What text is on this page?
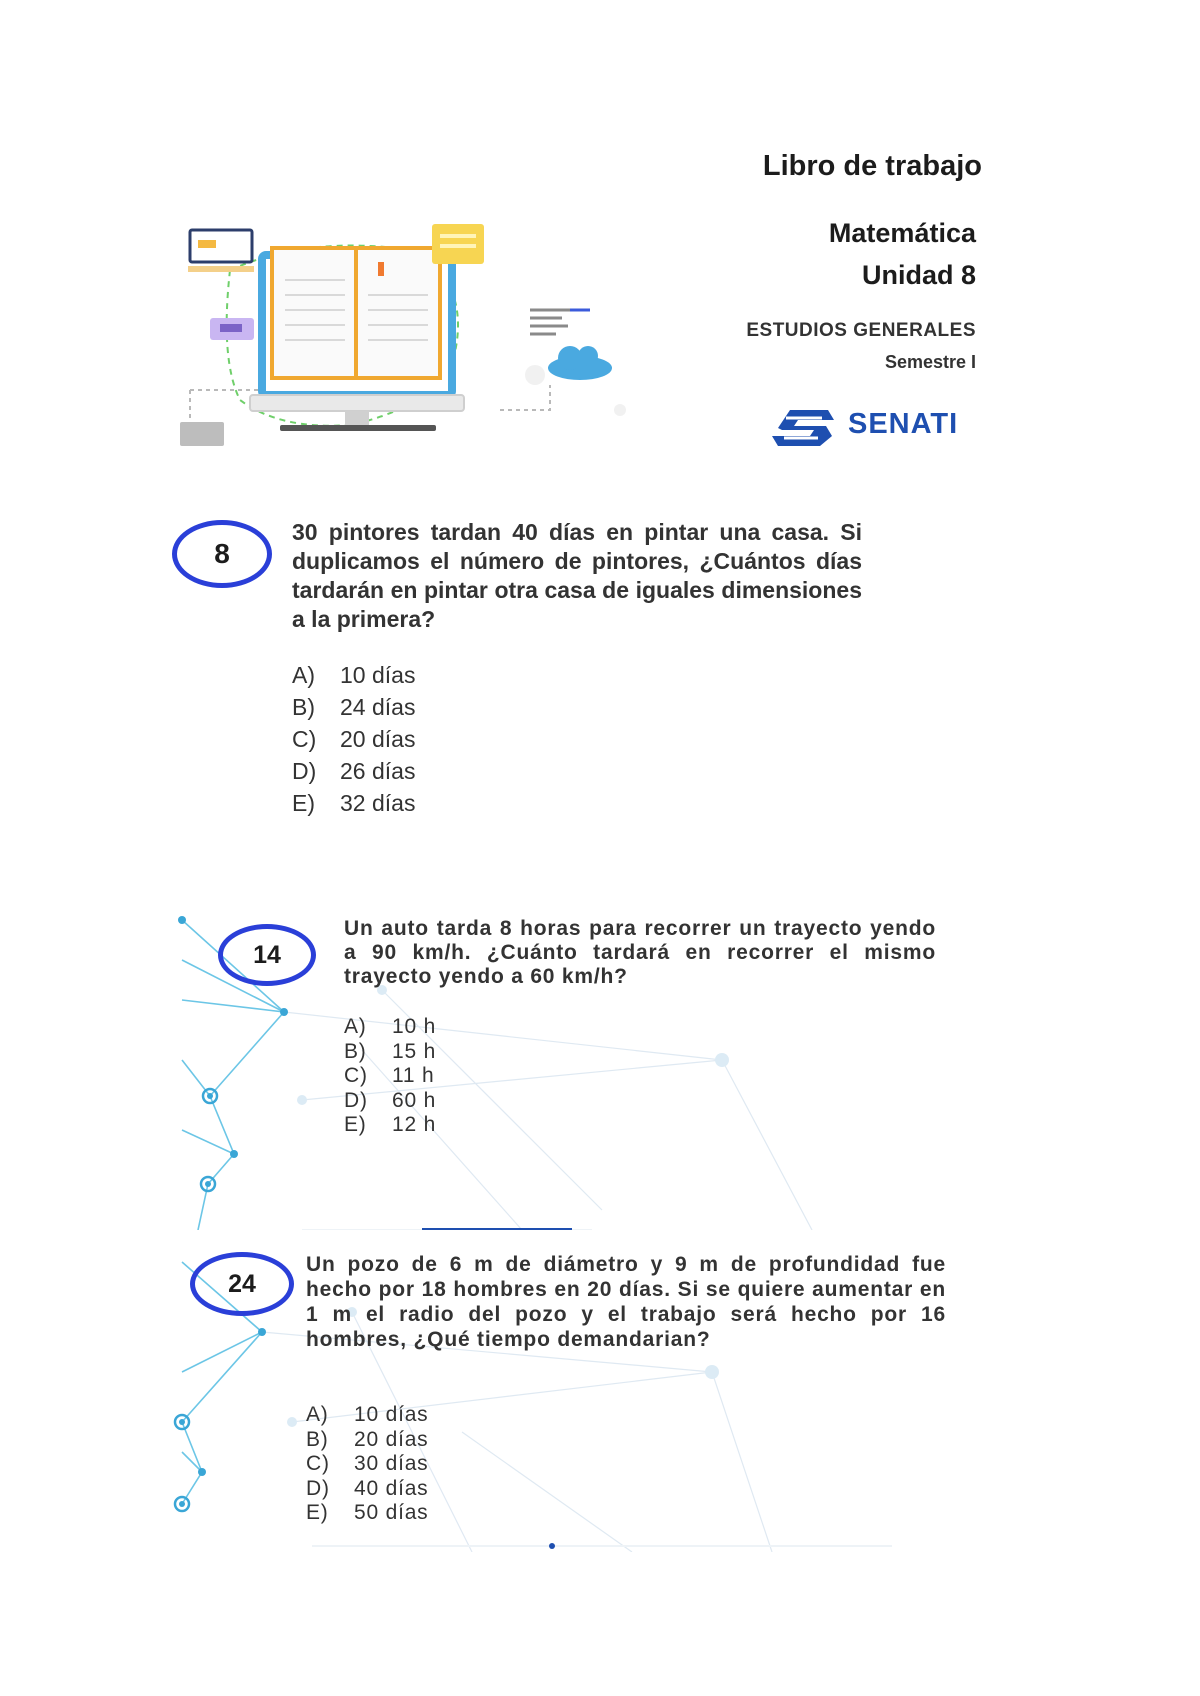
Libro de trabajo
Matemática
Unidad 8
ESTUDIOS GENERALES
Semestre I
SENATI
8
30 pintores tardan 40 días en pintar una casa. Si duplicamos el número de pintores, ¿Cuántos días tardarán en pintar otra casa de iguales dimensiones a la primera?
A)	10 días
B)	24 días
C)	20 días
D)	26 días
E)	32 días
14
Un auto tarda 8 horas para recorrer un trayecto yendo a 90 km/h. ¿Cuánto tardará en recorrer el mismo trayecto yendo a 60 km/h?
A)	10 h
B)	15 h
C)	11 h
D)	60 h
E)	12 h
24
Un pozo de 6 m de diámetro y 9 m de profundidad fue hecho por 18 hombres en 20 días. Si se quiere aumentar en 1 m el radio del pozo y el trabajo será hecho por 16 hombres, ¿Qué tiempo demandarian?
A)	10 días
B)	20 días
C)	30 días
D)	40 días
E)	50 días
